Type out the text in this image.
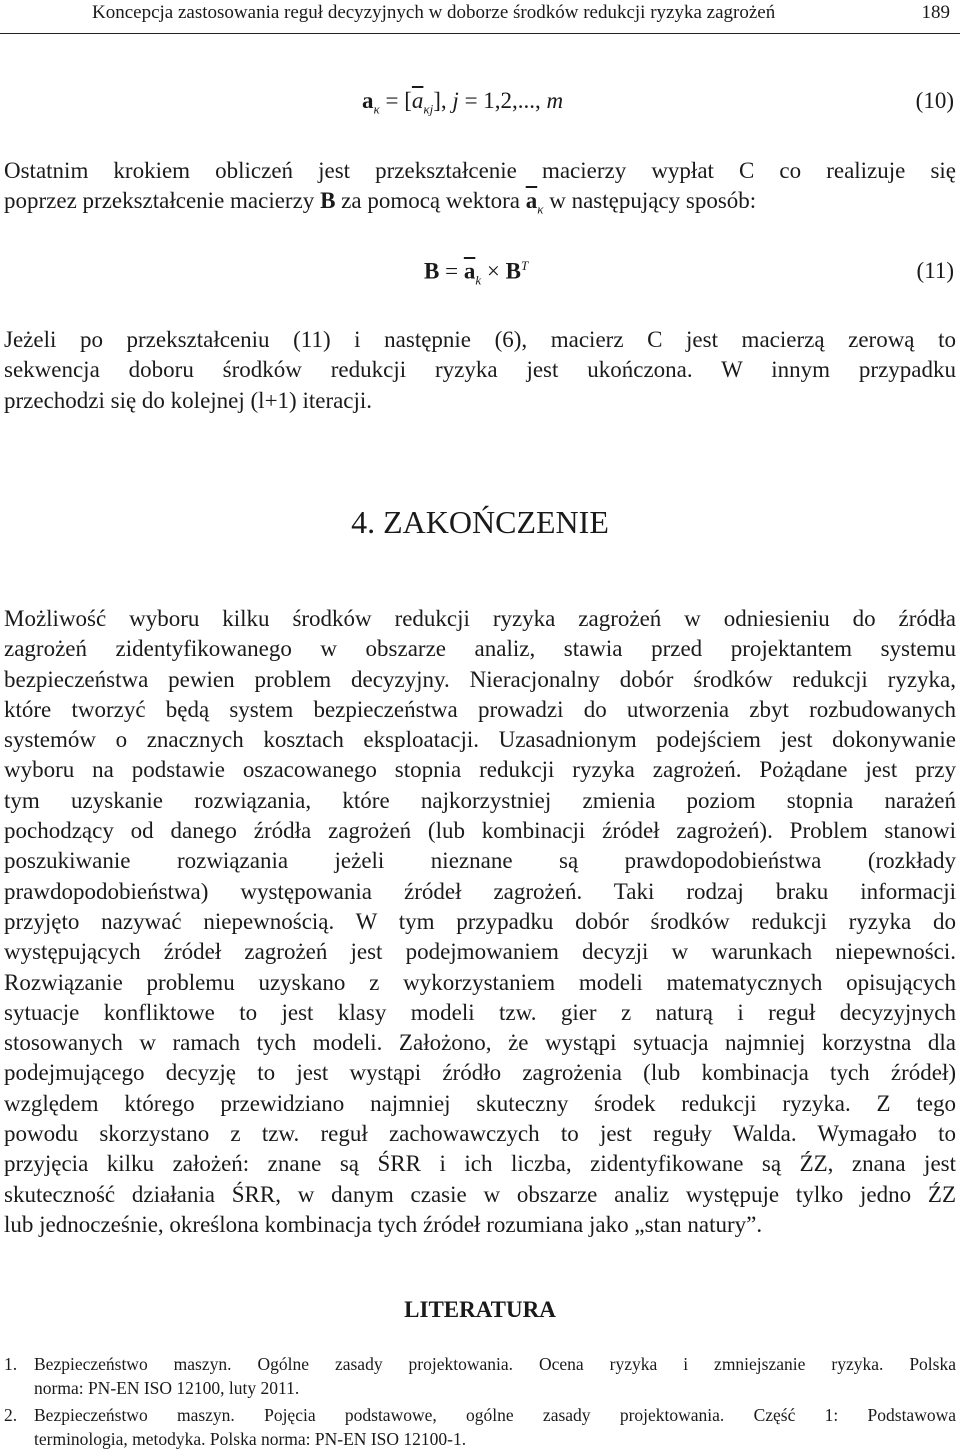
Koncepcja zastosowania reguł decyzyjnych w doborze środków redukcji ryzyka zagrożeń	189
$a_\kappa = [\overline{a}_{\kappa j}]$, j = 1,2,..., m	(10)
Ostatnim krokiem obliczeń jest przekształcenie macierzy wypłat C co realizuje się
poprzez przekształcenie macierzy B za pomocą wektora $\overline{a}_\kappa$ w następujący sposób:
$B = \overline{a}_k \times B^T$	(11)
Jeżeli po przekształceniu (11) i następnie (6), macierz C jest macierzą zerową to
sekwencja doboru środków redukcji ryzyka jest ukończona. W innym przypadku
przechodzi się do kolejnej (l+1) iteracji.
4. ZAKOŃCZENIE
Możliwość wyboru kilku środków redukcji ryzyka zagrożeń w odniesieniu do źródła
zagrożeń zidentyfikowanego w obszarze analiz, stawia przed projektantem systemu
bezpieczeństwa pewien problem decyzyjny. Nieracjonalny dobór środków redukcji ryzyka,
które tworzyć będą system bezpieczeństwa prowadzi do utworzenia zbyt rozbudowanych
systemów o znacznych kosztach eksploatacji. Uzasadnionym podejściem jest dokonywanie
wyboru na podstawie oszacowanego stopnia redukcji ryzyka zagrożeń. Pożądane jest przy
tym uzyskanie rozwiązania, które najkorzystniej zmienia poziom stopnia narażeń
pochodzący od danego źródła zagrożeń (lub kombinacji źródeł zagrożeń). Problem stanowi
poszukiwanie rozwiązania jeżeli nieznane są prawdopodobieństwa (rozkłady
prawdopodobieństwa) występowania źródeł zagrożeń. Taki rodzaj braku informacji
przyjęto nazywać niepewnością. W tym przypadku dobór środków redukcji ryzyka do
występujących źródeł zagrożeń jest podejmowaniem decyzji w warunkach niepewności.
Rozwiązanie problemu uzyskano z wykorzystaniem modeli matematycznych opisujących
sytuacje konfliktowe to jest klasy modeli tzw. gier z naturą i reguł decyzyjnych
stosowanych w ramach tych modeli. Założono, że wystąpi sytuacja najmniej korzystna dla
podejmującego decyzję to jest wystąpi źródło zagrożenia (lub kombinacja tych źródeł)
względem którego przewidziano najmniej skuteczny środek redukcji ryzyka. Z tego
powodu skorzystano z tzw. reguł zachowawczych to jest reguły Walda. Wymagało to
przyjęcia kilku założeń: znane są ŚRR i ich liczba, zidentyfikowane są ŹZ, znana jest
skuteczność działania ŚRR, w danym czasie w obszarze analiz występuje tylko jedno ŹZ
lub jednocześnie, określona kombinacja tych źródeł rozumiana jako „stan natury”.
LITERATURA
1. Bezpieczeństwo maszyn. Ogólne zasady projektowania. Ocena ryzyka i zmniejszanie ryzyka. Polska
norma: PN-EN ISO 12100, luty 2011.
2. Bezpieczeństwo maszyn. Pojęcia podstawowe, ogólne zasady projektowania. Część 1: Podstawowa
terminologia, metodyka. Polska norma: PN-EN ISO 12100-1.
